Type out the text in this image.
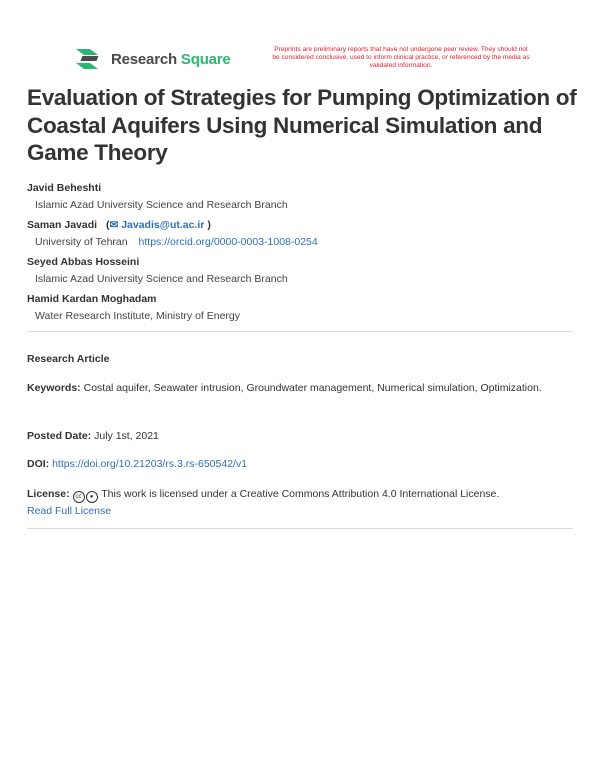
Research Square
Preprints are preliminary reports that have not undergone peer review. They should not be considered conclusive, used to inform clinical practice, or referenced by the media as validated information.
Evaluation of Strategies for Pumping Optimization of Coastal Aquifers Using Numerical Simulation and Game Theory
Javid Beheshti
Islamic Azad University Science and Research Branch
Saman Javadi (✉ Javadis@ut.ac.ir )
University of Tehran https://orcid.org/0000-0003-1008-0254
Seyed Abbas Hosseini
Islamic Azad University Science and Research Branch
Hamid Kardan Moghadam
Water Research Institute, Ministry of Energy
Research Article
Keywords: Costal aquifer, Seawater intrusion, Groundwater management, Numerical simulation, Optimization.
Posted Date: July 1st, 2021
DOI: https://doi.org/10.21203/rs.3.rs-650542/v1
License: cc ● This work is licensed under a Creative Commons Attribution 4.0 International License.
Read Full License
